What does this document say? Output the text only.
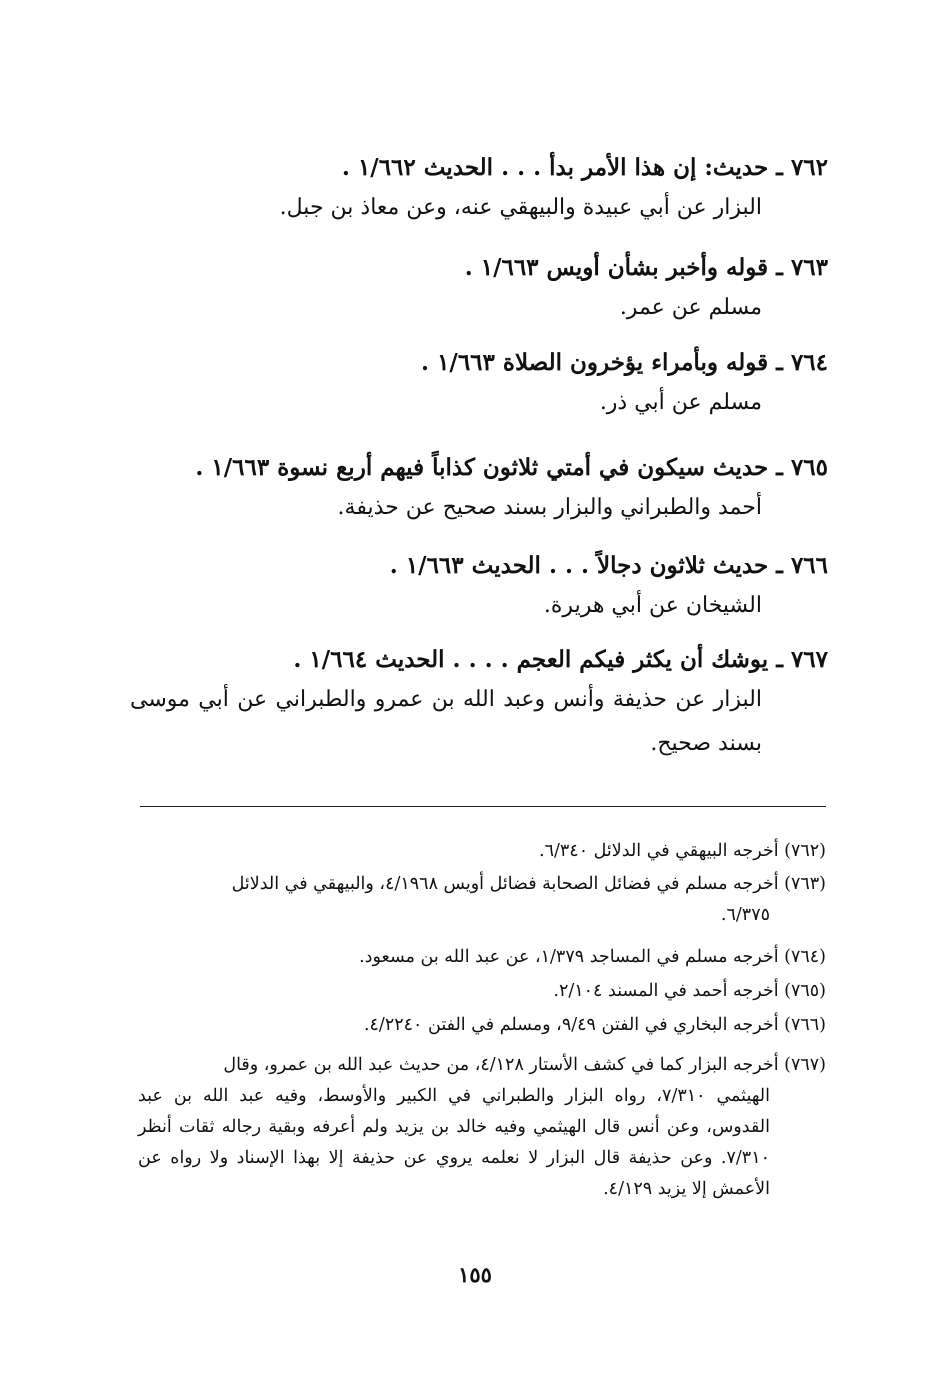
٧٦٢ ـ حديث: إن هذا الأمر بدأ . . . الحديث ١/٦٦٢ .
البزار عن أبي عبيدة والبيهقي عنه، وعن معاذ بن جبل.
٧٦٣ ـ قوله وأخبر بشأن أويس ١/٦٦٣ .
مسلم عن عمر.
٧٦٤ ـ قوله وبأمراء يؤخرون الصلاة ١/٦٦٣ .
مسلم عن أبي ذر.
٧٦٥ ـ حديث سيكون في أمتي ثلاثون كذاباً فيهم أربع نسوة ١/٦٦٣ .
أحمد والطبراني والبزار بسند صحيح عن حذيفة.
٧٦٦ ـ حديث ثلاثون دجالاً . . . الحديث ١/٦٦٣ .
الشيخان عن أبي هريرة.
٧٦٧ ـ يوشك أن يكثر فيكم العجم . . . . الحديث ١/٦٦٤ .
البزار عن حذيفة وأنس وعبد الله بن عمرو والطبراني عن أبي موسى بسند صحيح.
(٧٦٢) أخرجه البيهقي في الدلائل ٦/٣٤٠.
(٧٦٣) أخرجه مسلم في فضائل الصحابة فضائل أويس ٤/١٩٦٨، والبيهقي في الدلائل
٦/٣٧٥.
(٧٦٤) أخرجه مسلم في المساجد ١/٣٧٩، عن عبد الله بن مسعود.
(٧٦٥) أخرجه أحمد في المسند ٢/١٠٤.
(٧٦٦) أخرجه البخاري في الفتن ٩/٤٩، ومسلم في الفتن ٤/٢٢٤٠.
(٧٦٧) أخرجه البزار كما في كشف الأستار ٤/١٢٨، من حديث عبد الله بن عمرو، وقال
الهيثمي ٧/٣١٠، رواه البزار والطبراني في الكبير والأوسط، وفيه عبد الله بن عبد القدوس، وعن أنس قال الهيثمي وفيه خالد بن يزيد ولم أعرفه وبقية رجاله ثقات أنظر ٧/٣١٠. وعن حذيفة قال البزار لا نعلمه يروي عن حذيفة إلا بهذا الإسناد ولا رواه عن الأعمش إلا يزيد ٤/١٢٩.
١٥٥
